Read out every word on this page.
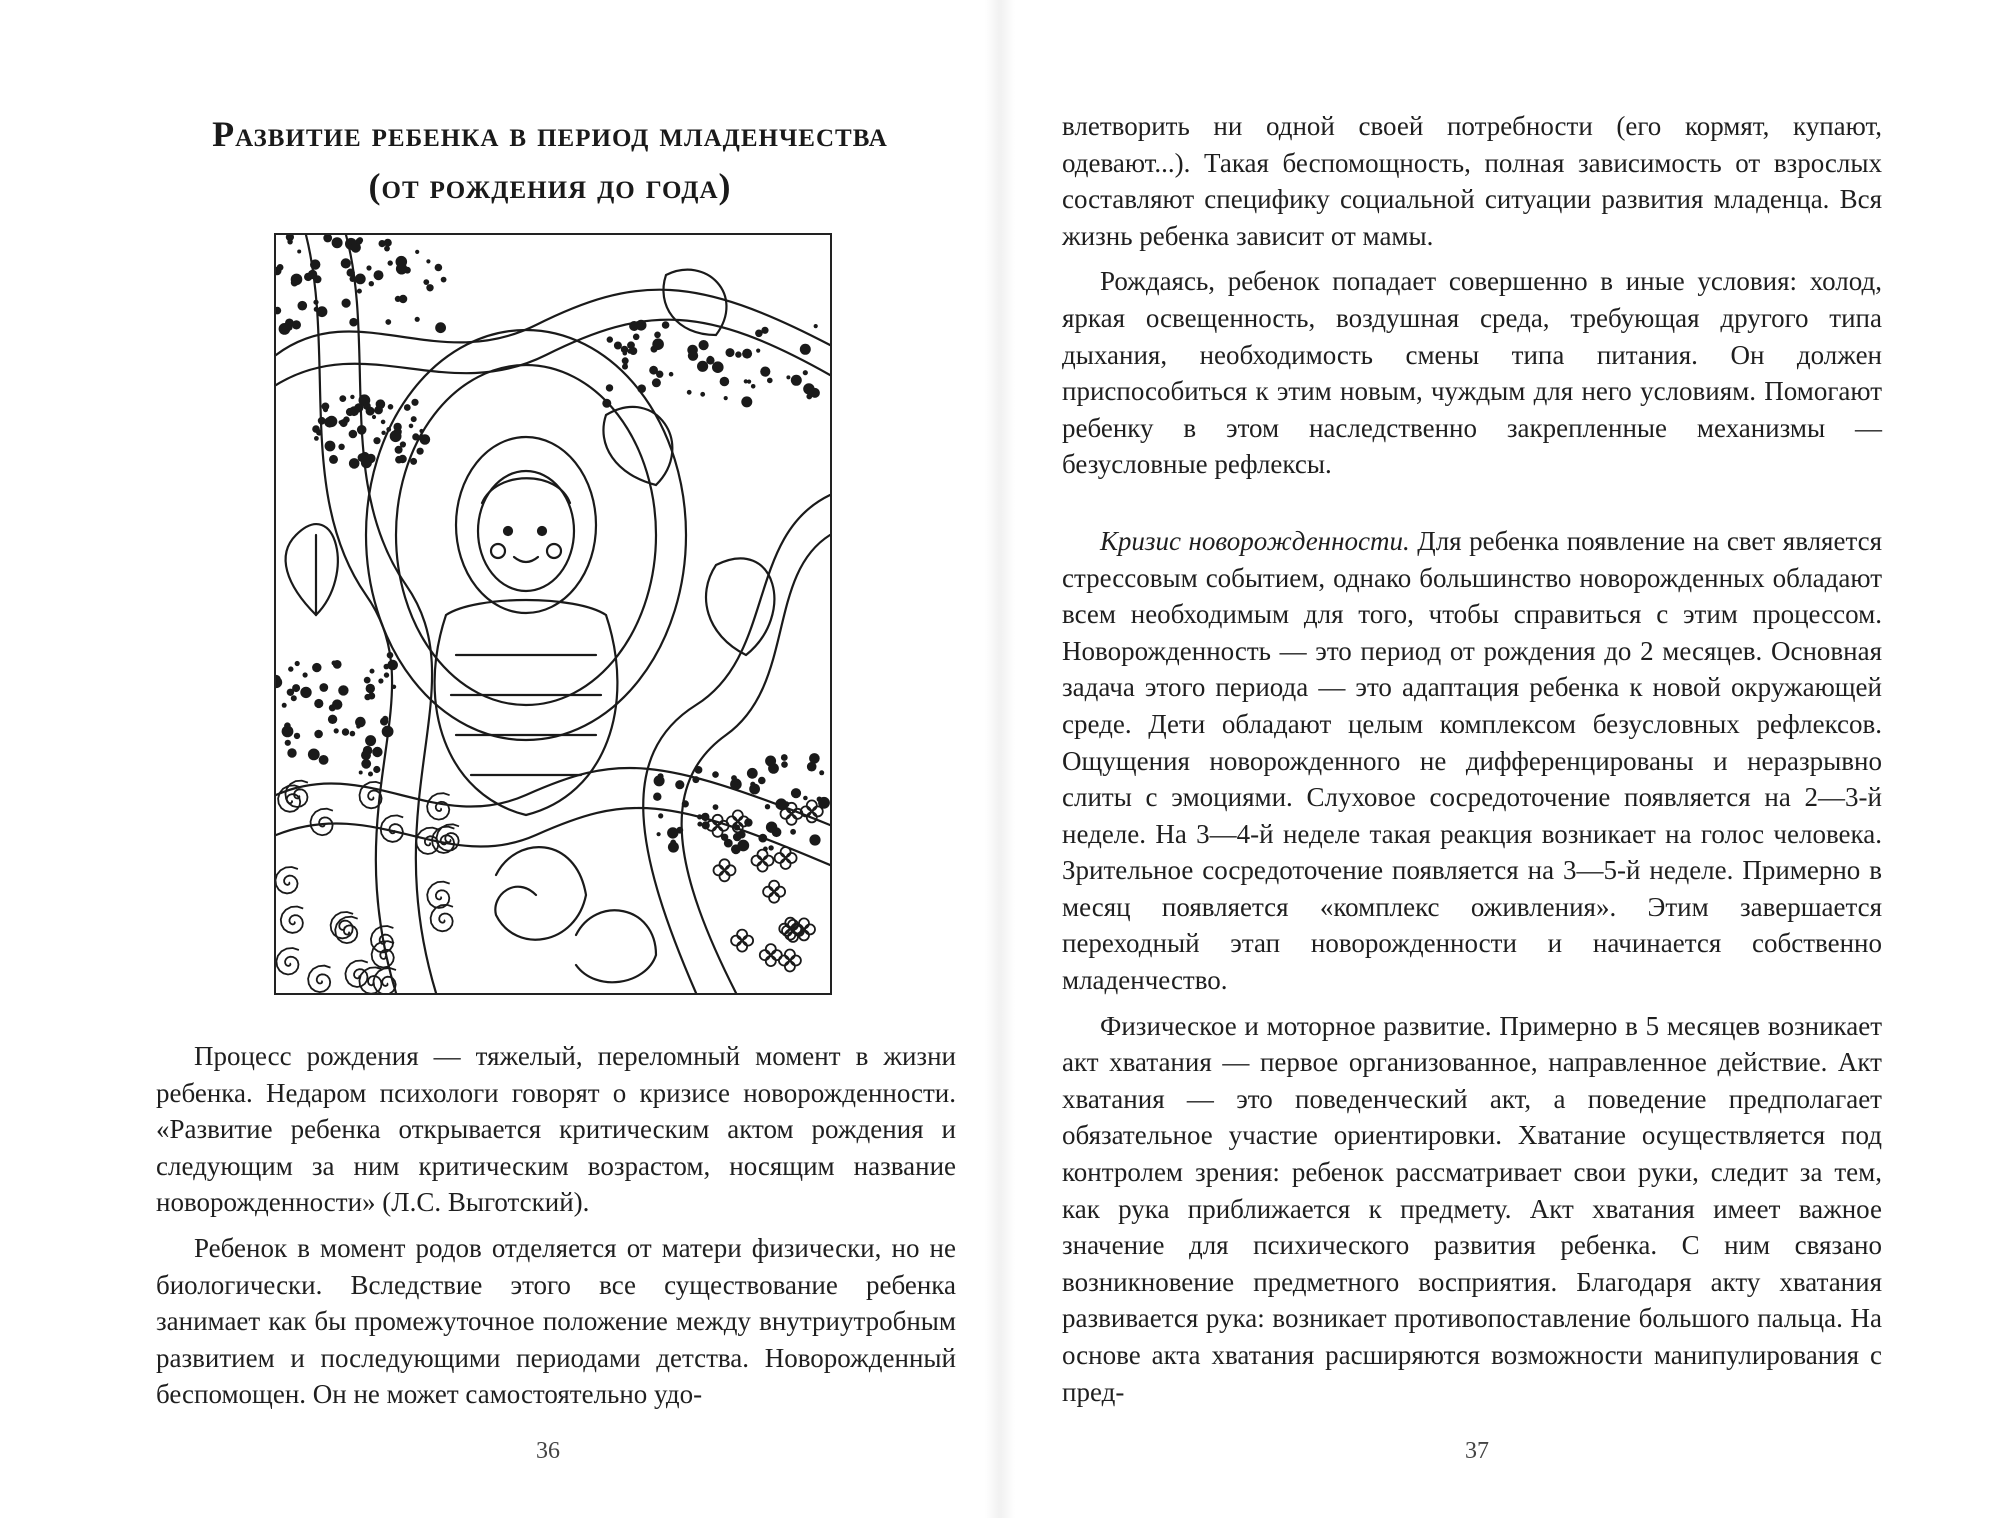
Развитие ребенка в период младенчества
(от рождения до года)

Процесс рождения — тяжелый, переломный момент в жизни ребенка. Недаром психологи говорят о кризисе новорожденности. «Развитие ребенка открывается критическим актом рождения и следующим за ним критическим возрастом, носящим название новорожденности» (Л.С. Выготский).

Ребенок в момент родов отделяется от матери физически, но не биологически. Вследствие этого все существование ребенка занимает как бы промежуточное положение между внутриутробным развитием и последующими периодами детства. Новорожденный беспомощен. Он не может самостоятельно удо-

36

влетворить ни одной своей потребности (его кормят, купают, одевают...). Такая беспомощность, полная зависимость от взрослых составляют специфику социальной ситуации развития младенца. Вся жизнь ребенка зависит от мамы.

Рождаясь, ребенок попадает совершенно в иные условия: холод, яркая освещенность, воздушная среда, требующая другого типа дыхания, необходимость смены типа питания. Он должен приспособиться к этим новым, чуждым для него условиям. Помогают ребенку в этом наследственно закрепленные механизмы — безусловные рефлексы.

Кризис новорожденности. Для ребенка появление на свет является стрессовым событием, однако большинство новорожденных обладают всем необходимым для того, чтобы справиться с этим процессом. Новорожденность — это период от рождения до 2 месяцев. Основная задача этого периода — это адаптация ребенка к новой окружающей среде. Дети обладают целым комплексом безусловных рефлексов. Ощущения новорожденного не дифференцированы и неразрывно слиты с эмоциями. Слуховое сосредоточение появляется на 2—3-й неделе. На 3—4-й неделе такая реакция возникает на голос человека. Зрительное сосредоточение появляется на 3—5-й неделе. Примерно в месяц появляется «комплекс оживления». Этим завершается переходный этап новорожденности и начинается собственно младенчество.

Физическое и моторное развитие. Примерно в 5 месяцев возникает акт хватания — первое организованное, направленное действие. Акт хватания — это поведенческий акт, а поведение предполагает обязательное участие ориентировки. Хватание осуществляется под контролем зрения: ребенок рассматривает свои руки, следит за тем, как рука приближается к предмету. Акт хватания имеет важное значение для психического развития ребенка. С ним связано возникновение предметного восприятия. Благодаря акту хватания развивается рука: возникает противопоставление большого пальца. На основе акта хватания расширяются возможности манипулирования с пред-

37
